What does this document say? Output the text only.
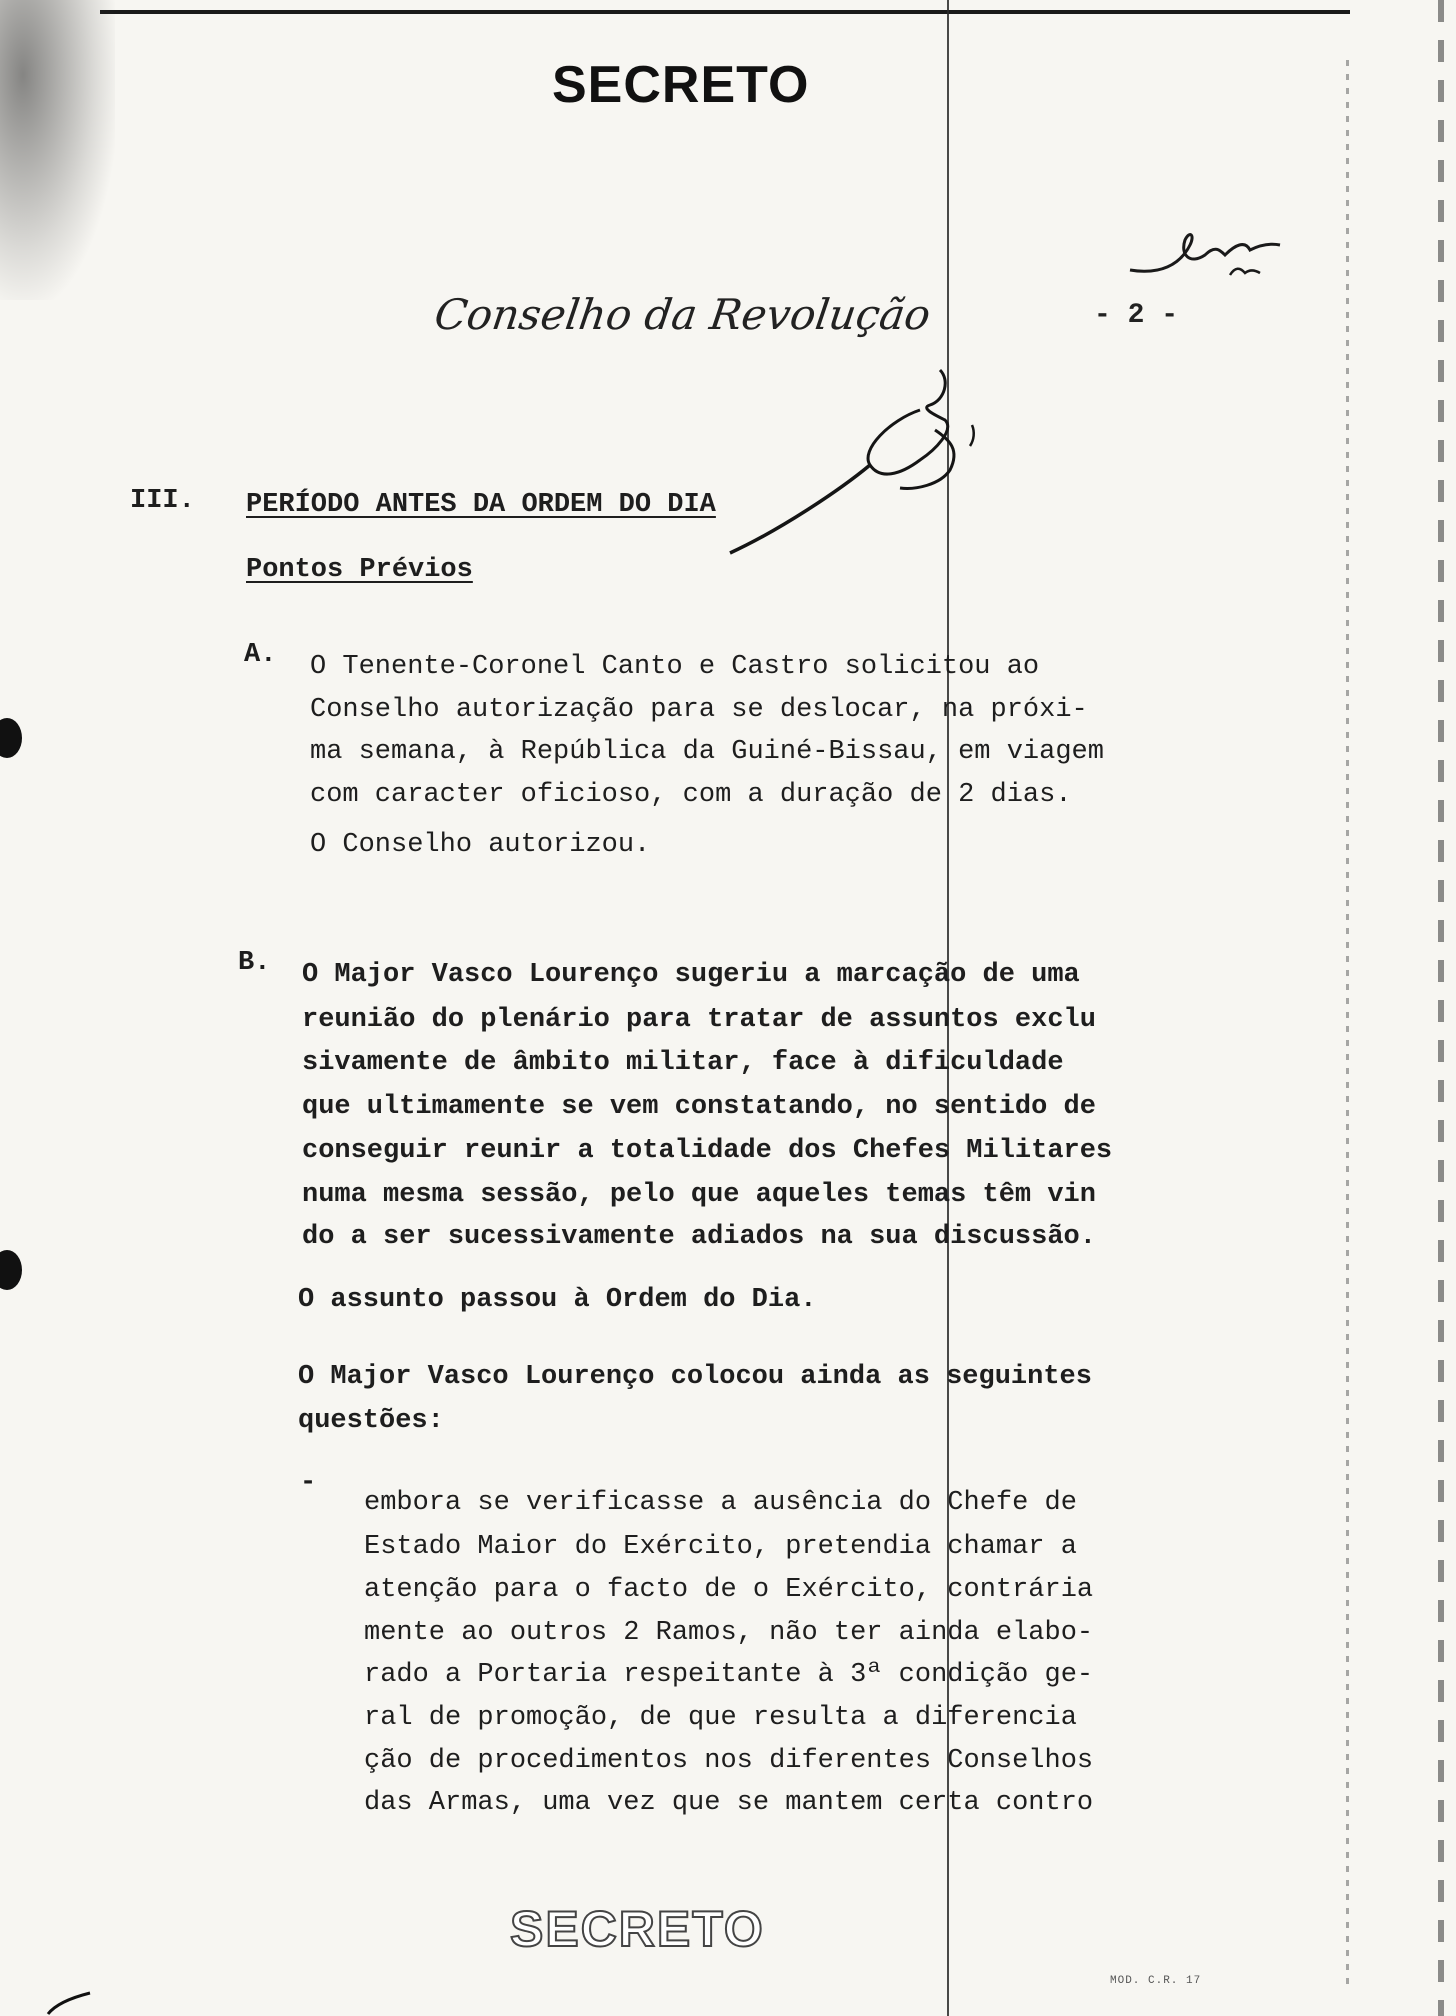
SECRETO
Conselho da Revolução	- 2 -
III. PERÍODO ANTES DA ORDEM DO DIA
Pontos Prévios
A. O Tenente-Coronel Canto e Castro solicitou ao
Conselho autorização para se deslocar, na próxi-
ma semana, à República da Guiné-Bissau, em viagem
com caracter oficioso, com a duração de 2 dias.
O Conselho autorizou.
B. O Major Vasco Lourenço sugeriu a marcação de uma
reunião do plenário para tratar de assuntos exclu
sivamente de âmbito militar, face à dificuldade
que ultimamente se vem constatando, no sentido de
conseguir reunir a totalidade dos Chefes Militares
numa mesma sessão, pelo que aqueles temas têm vin
do a ser sucessivamente adiados na sua discussão.
O assunto passou à Ordem do Dia.
O Major Vasco Lourenço colocou ainda as seguintes
questões:
-
embora se verificasse a ausência do Chefe de
Estado Maior do Exército, pretendia chamar a
atenção para o facto de o Exército, contrária
mente ao outros 2 Ramos, não ter ainda elabo-
rado a Portaria respeitante à 3ª condição ge-
ral de promoção, de que resulta a diferencia
ção de procedimentos nos diferentes Conselhos
das Armas, uma vez que se mantem certa contro
SECRETO
MOD. C.R. 17
